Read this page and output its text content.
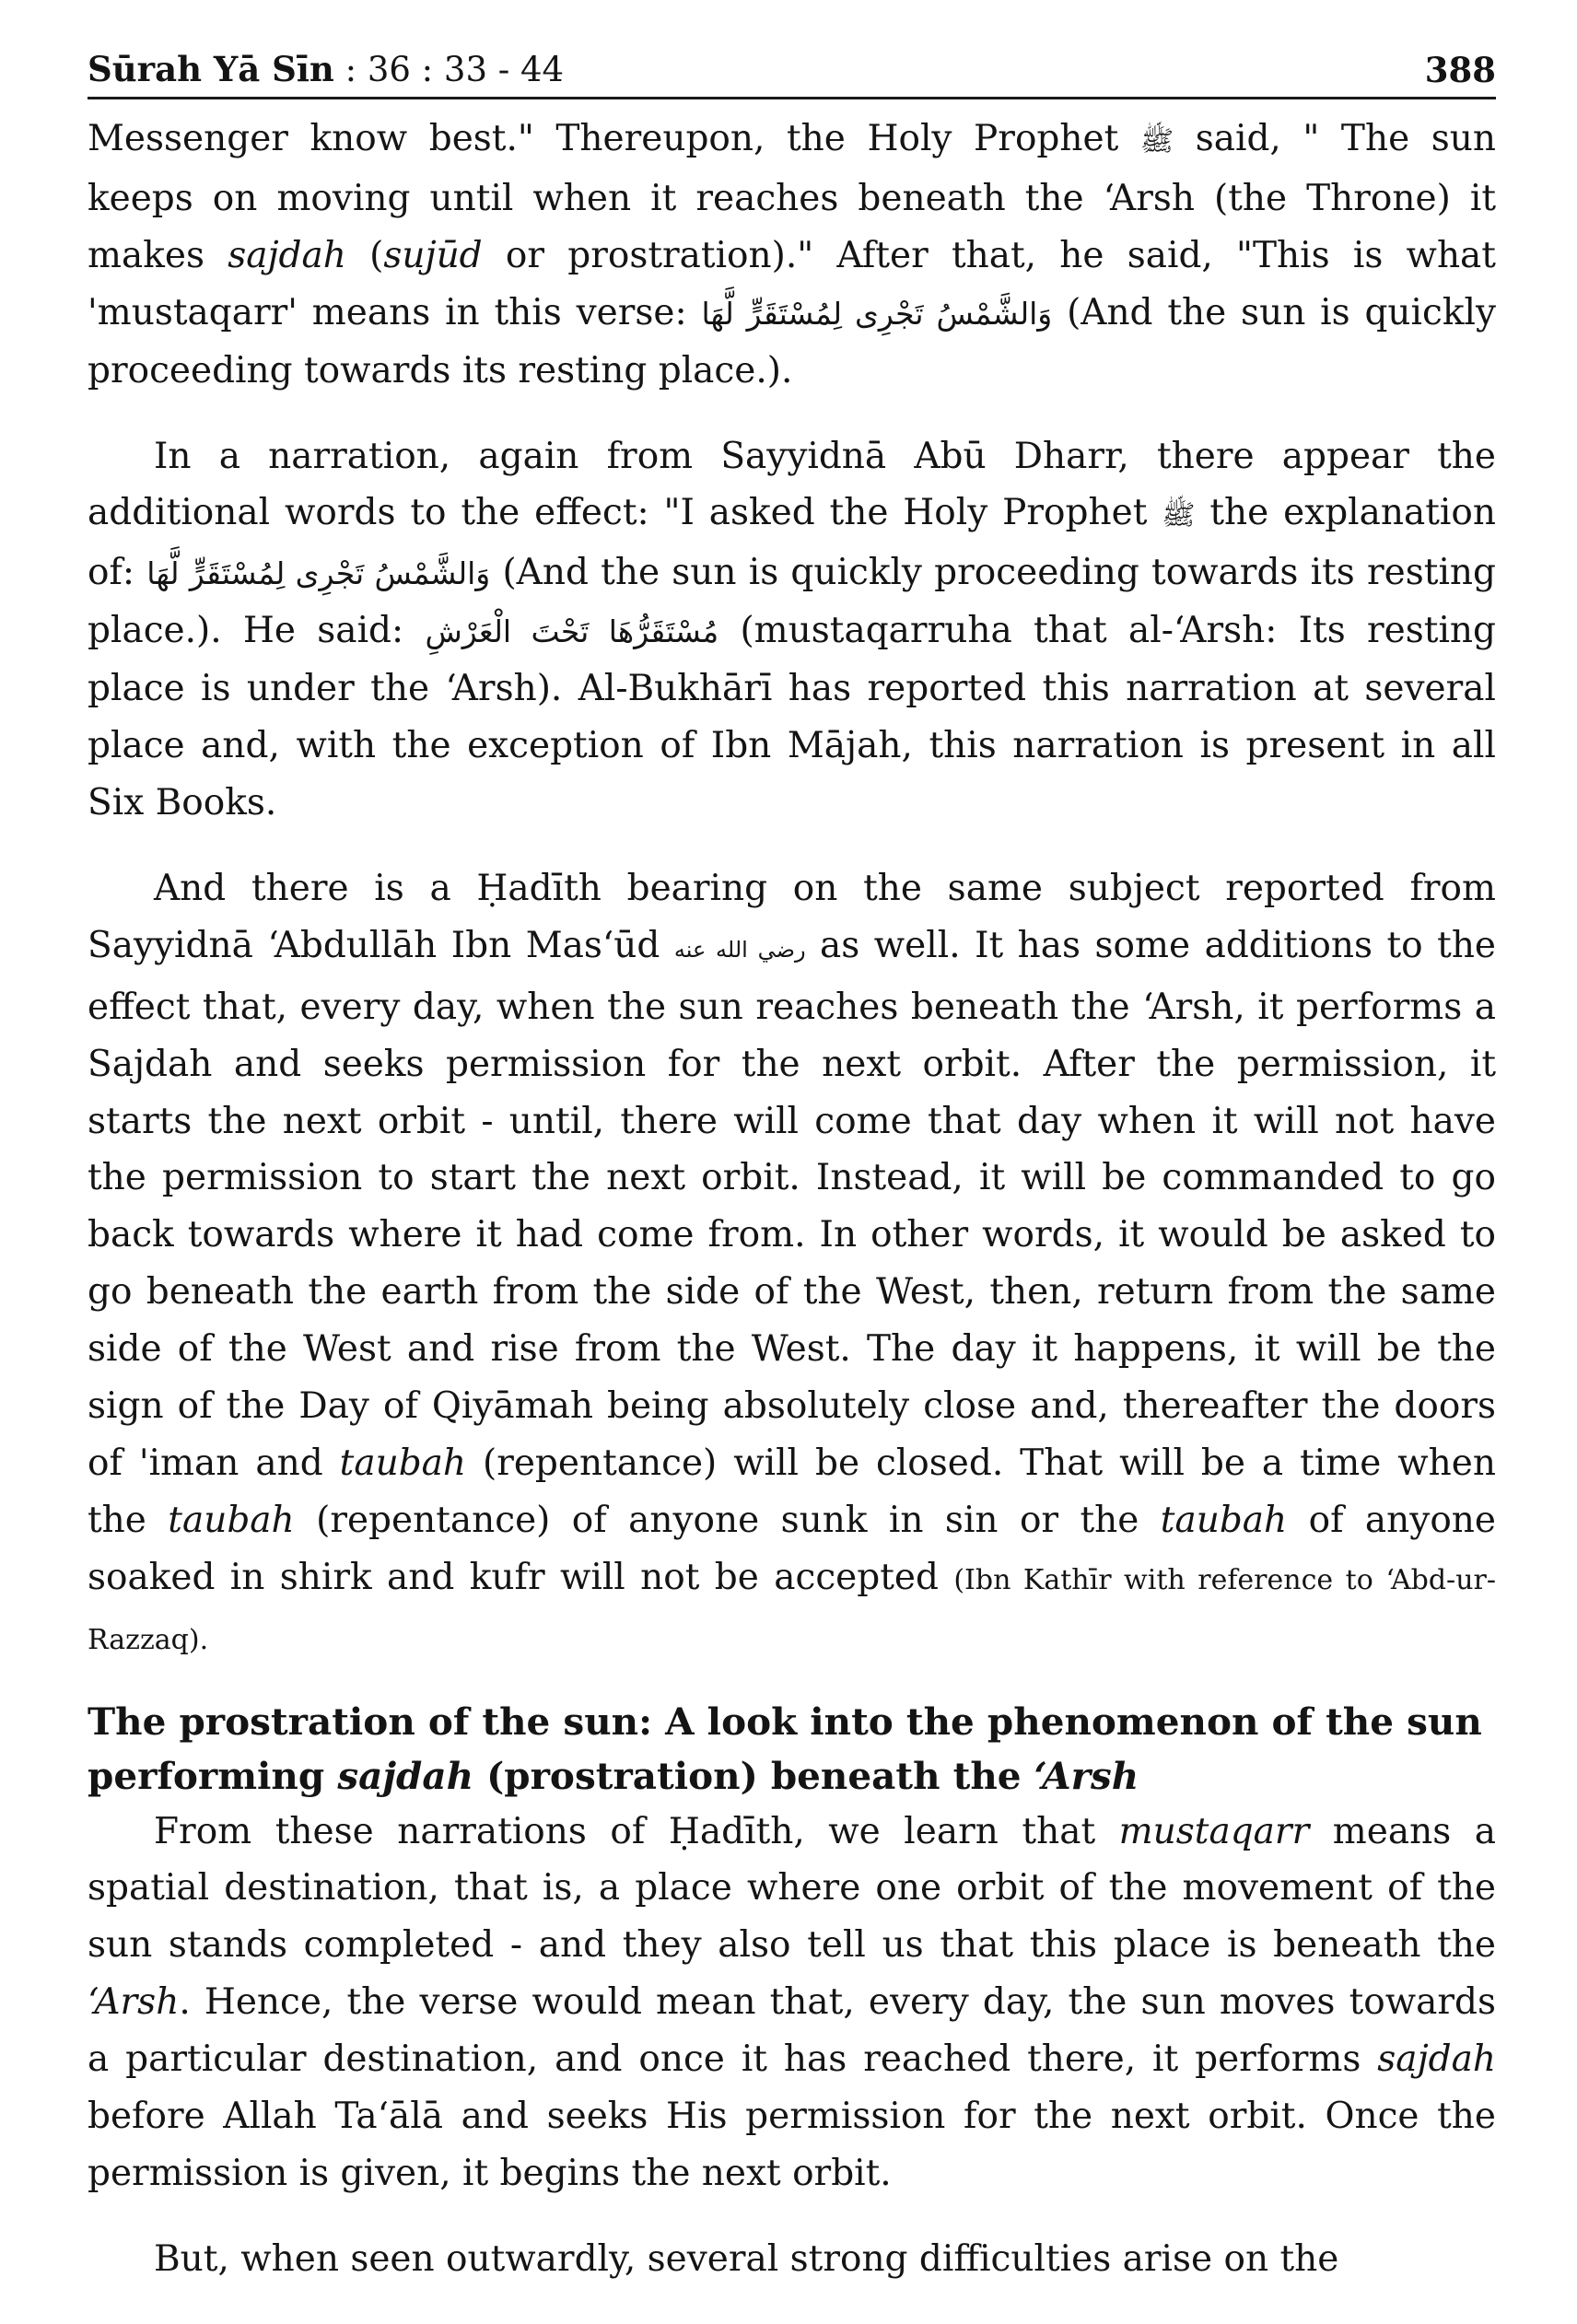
Sūrah Yā Sīn : 36 : 33 - 44	388

Messenger know best." Thereupon, the Holy Prophet ﷺ said, " The sun keeps on moving until when it reaches beneath the ‘Arsh (the Throne) it makes sajdah (sujūd or prostration)." After that, he said, "This is what 'mustaqarr' means in this verse: وَالشَّمْسُ تَجْرِى لِمُسْتَقَرٍّ لَّهَا (And the sun is quickly proceeding towards its resting place.).

In a narration, again from Sayyidnā Abū Dharr, there appear the additional words to the effect: "I asked the Holy Prophet ﷺ the explanation of: وَالشَّمْسُ تَجْرِى لِمُسْتَقَرٍّ لَّهَا (And the sun is quickly proceeding towards its resting place.). He said: مُسْتَقَرُّهَا تَحْتَ الْعَرْشِ (mustaqarruha that al-‘Arsh: Its resting place is under the ‘Arsh). Al-Bukhārī has reported this narration at several place and, with the exception of Ibn Mājah, this narration is present in all Six Books.

And there is a Ḥadīth bearing on the same subject reported from Sayyidnā ‘Abdullāh Ibn Mas‘ūd رضي الله عنه as well. It has some additions to the effect that, every day, when the sun reaches beneath the ‘Arsh, it performs a Sajdah and seeks permission for the next orbit. After the permission, it starts the next orbit - until, there will come that day when it will not have the permission to start the next orbit. Instead, it will be commanded to go back towards where it had come from. In other words, it would be asked to go beneath the earth from the side of the West, then, return from the same side of the West and rise from the West. The day it happens, it will be the sign of the Day of Qiyāmah being absolutely close and, thereafter the doors of 'iman and taubah (repentance) will be closed. That will be a time when the taubah (repentance) of anyone sunk in sin or the taubah of anyone soaked in shirk and kufr will not be accepted (Ibn Kathīr with reference to ‘Abd-ur- Razzaq).

The prostration of the sun: A look into the phenomenon of the sun performing sajdah (prostration) beneath the ‘Arsh

From these narrations of Ḥadīth, we learn that mustaqarr means a spatial destination, that is, a place where one orbit of the movement of the sun stands completed - and they also tell us that this place is beneath the ‘Arsh. Hence, the verse would mean that, every day, the sun moves towards a particular destination, and once it has reached there, it performs sajdah before Allah Ta‘ālā and seeks His permission for the next orbit. Once the permission is given, it begins the next orbit.

But, when seen outwardly, several strong difficulties arise on the
